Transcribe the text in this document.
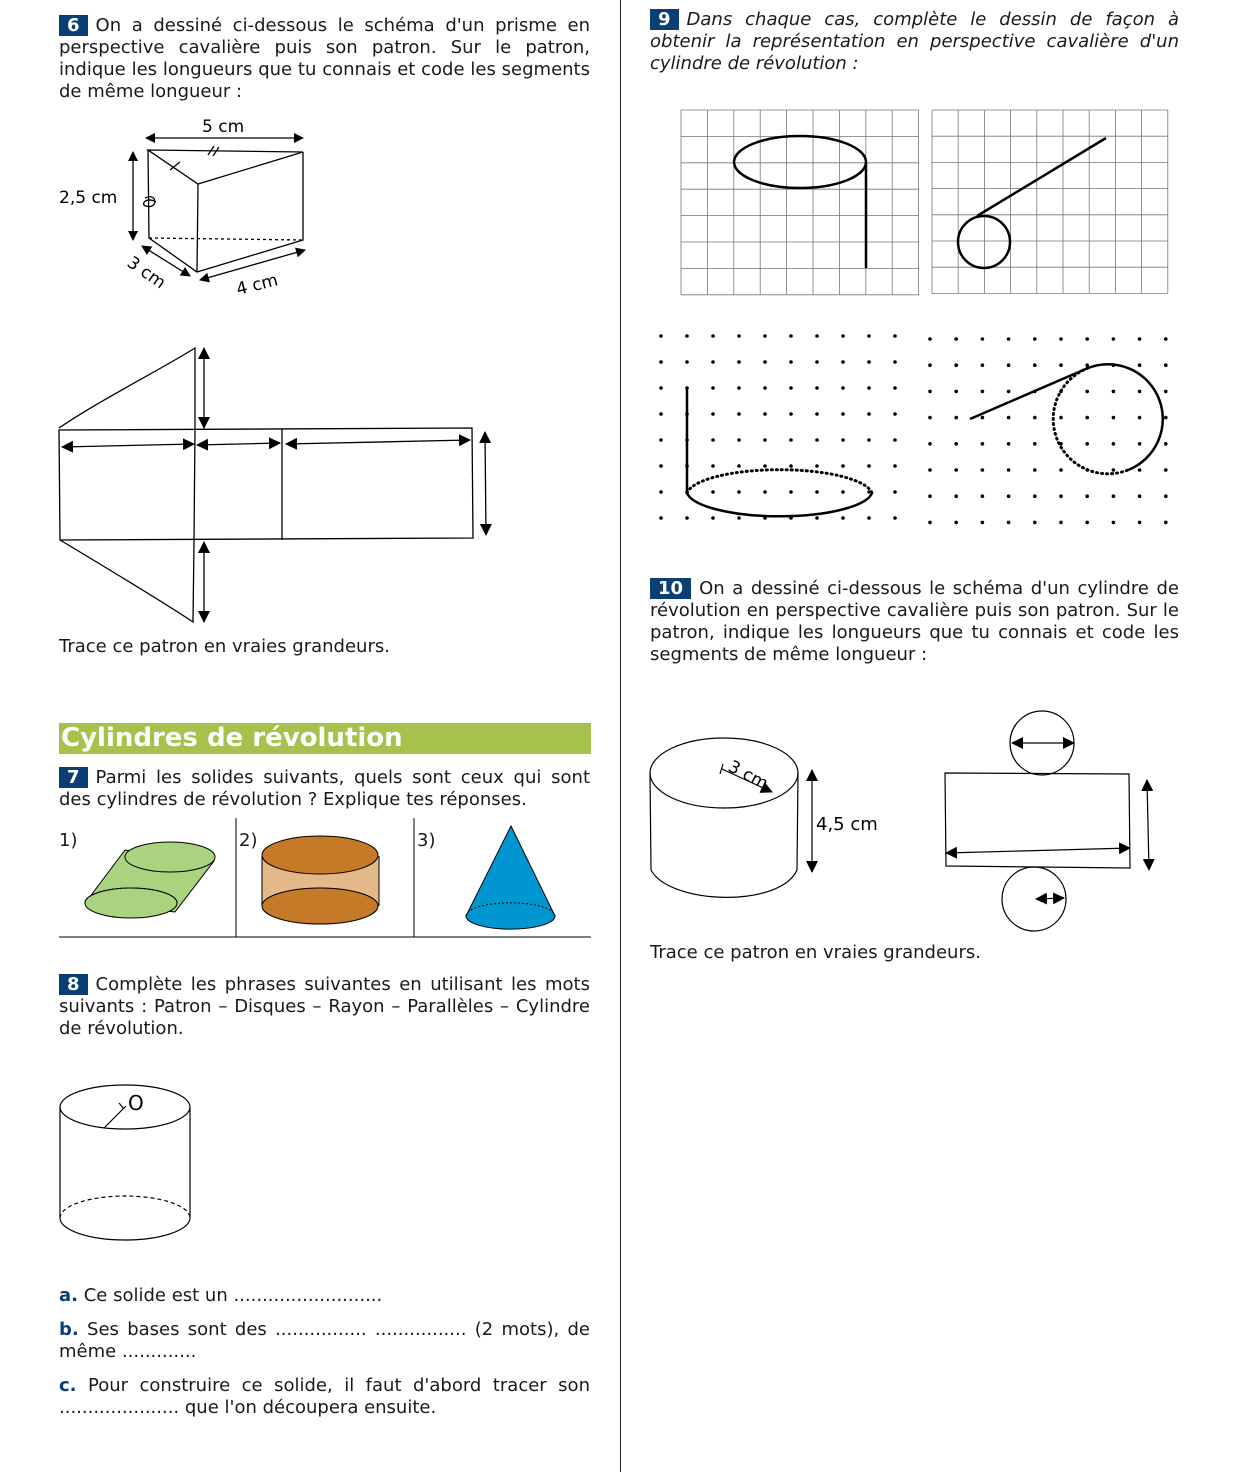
6 On a dessiné ci-dessous le schéma d'un prisme en perspective cavalière puis son patron. Sur le patron, indique les longueurs que tu connais et code les segments de même longueur :
5 cm
2,5 cm
3 cm	4 cm
Trace ce patron en vraies grandeurs.
Cylindres de révolution
7 Parmi les solides suivants, quels sont ceux qui sont des cylindres de révolution ? Explique tes réponses.
1)	2)	3)
8 Complète les phrases suivantes en utilisant les mots suivants : Patron – Disques – Rayon – Parallèles – Cylindre de révolution.
O
a. Ce solide est un ..........................
b. Ses bases sont des ................ ................ (2 mots), de même .............
c. Pour construire ce solide, il faut d'abord tracer son ..................... que l'on découpera ensuite.
9 Dans chaque cas, complète le dessin de façon à obtenir la représentation en perspective cavalière d'un cylindre de révolution :
10 On a dessiné ci-dessous le schéma d'un cylindre de révolution en perspective cavalière puis son patron. Sur le patron, indique les longueurs que tu connais et code les segments de même longueur :
3 cm
4,5 cm
Trace ce patron en vraies grandeurs.
